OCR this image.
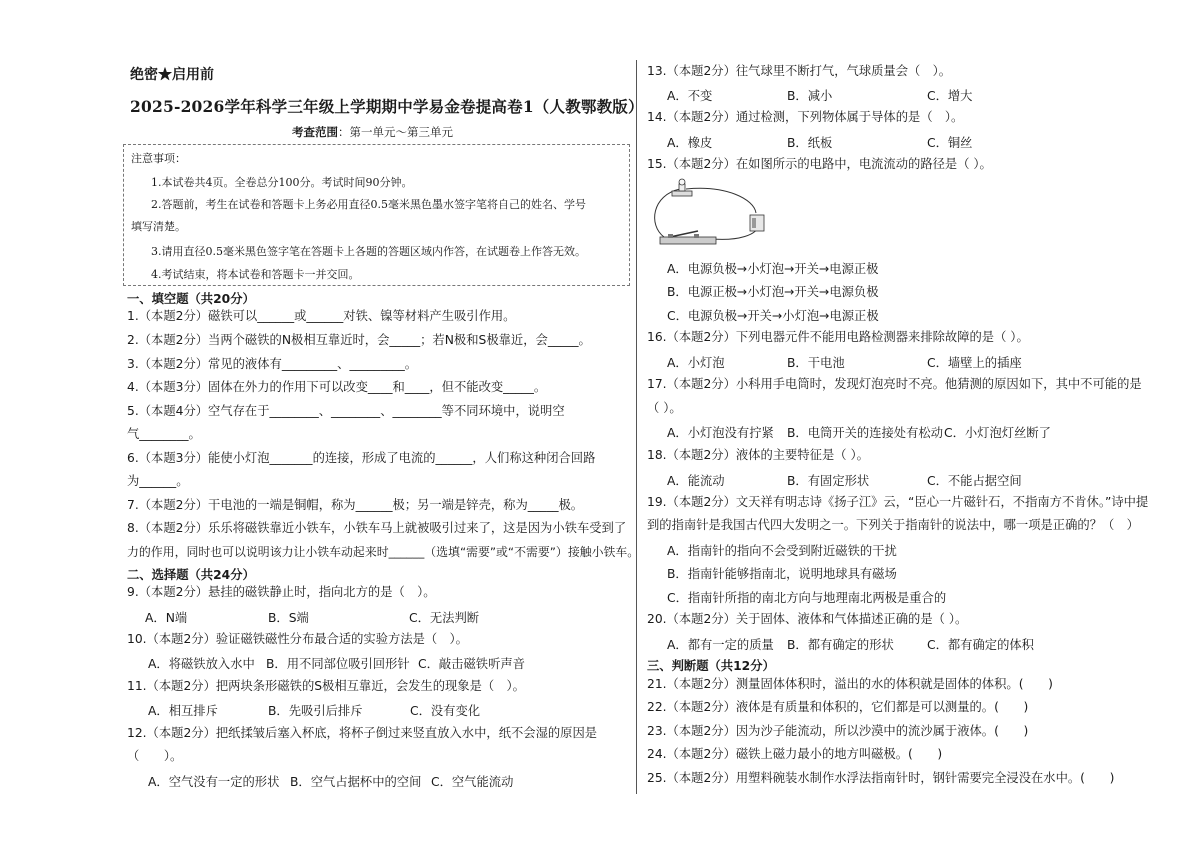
绝密★启用前
2025-2026学年科学三年级上学期期中学易金卷提高卷1（人教鄂教版）
考查范围：第一单元～第三单元
注意事项：
1.本试卷共4页。全卷总分100分。考试时间90分钟。
2.答题前，考生在试卷和答题卡上务必用直径0.5毫米黑色墨水签字笔将自己的姓名、学号
填写清楚。
3.请用直径0.5毫米黑色签字笔在答题卡上各题的答题区域内作答，在试题卷上作答无效。
4.考试结束，将本试卷和答题卡一并交回。
一、填空题（共20分）
1.（本题2分）磁铁可以______或______对铁、镍等材料产生吸引作用。
2.（本题2分）当两个磁铁的N极相互靠近时，会_____；若N极和S极靠近，会_____。
3.（本题2分）常见的液体有_________、_________。
4.（本题3分）固体在外力的作用下可以改变____和____，但不能改变_____。
5.（本题4分）空气存在于________、________、________等不同环境中，说明空
气________。
6.（本题3分）能使小灯泡_______的连接，形成了电流的______，人们称这种闭合回路
为______。
7.（本题2分）干电池的一端是铜帽，称为______极；另一端是锌壳，称为_____极。
8.（本题2分）乐乐将磁铁靠近小铁车，小铁车马上就被吸引过来了，这是因为小铁车受到了
力的作用，同时也可以说明该力让小铁车动起来时______（选填“需要”或“不需要”）接触小铁车。
二、选择题（共24分）
9.（本题2分）悬挂的磁铁静止时，指向北方的是（　）。
A．N端	B．S端	C．无法判断
10.（本题2分）验证磁铁磁性分布最合适的实验方法是（　）。
A．将磁铁放入水中 B．用不同部位吸引回形针 C．敲击磁铁听声音
11.（本题2分）把两块条形磁铁的S极相互靠近，会发生的现象是（　）。
A．相互排斥	B．先吸引后排斥	C．没有变化
12.（本题2分）把纸揉皱后塞入杯底，将杯子倒过来竖直放入水中，纸不会湿的原因是
（　　）。
A．空气没有一定的形状 B．空气占据杯中的空间 C．空气能流动
13.（本题2分）往气球里不断打气，气球质量会（　）。
A．不变	B．减小	C．增大
14.（本题2分）通过检测，下列物体属于导体的是（　）。
A．橡皮	B．纸板	C．铜丝
15.（本题2分）在如图所示的电路中，电流流动的路径是（ ）。
A．电源负极→小灯泡→开关→电源正极
B．电源正极→小灯泡→开关→电源负极
C．电源负极→开关→小灯泡→电源正极
16.（本题2分）下列电器元件不能用电路检测器来排除故障的是（ ）。
A．小灯泡	B．干电池	C．墙壁上的插座
17.（本题2分）小科用手电筒时，发现灯泡亮时不亮。他猜测的原因如下，其中不可能的是
（ ）。
A．小灯泡没有拧紧 B．电筒开关的连接处有松动 C．小灯泡灯丝断了
18.（本题2分）液体的主要特征是（ ）。
A．能流动	B．有固定形状	C．不能占据空间
19.（本题2分）文天祥有明志诗《扬子江》云，“臣心一片磁针石，不指南方不肯休。”诗中提
到的指南针是我国古代四大发明之一。下列关于指南针的说法中，哪一项是正确的？（　）
A．指南针的指向不会受到附近磁铁的干扰
B．指南针能够指南北，说明地球具有磁场
C．指南针所指的南北方向与地理南北两极是重合的
20.（本题2分）关于固体、液体和气体描述正确的是（ ）。
A．都有一定的质量 B．都有确定的形状	C．都有确定的体积
三、判断题（共12分）
21.（本题2分）测量固体体积时，溢出的水的体积就是固体的体积。(　　)
22.（本题2分）液体是有质量和体积的，它们都是可以测量的。(　　)
23.（本题2分）因为沙子能流动，所以沙漠中的流沙属于液体。(　　)
24.（本题2分）磁铁上磁力最小的地方叫磁极。(　　)
25.（本题2分）用塑料碗装水制作水浮法指南针时，钢针需要完全浸没在水中。(　　)
